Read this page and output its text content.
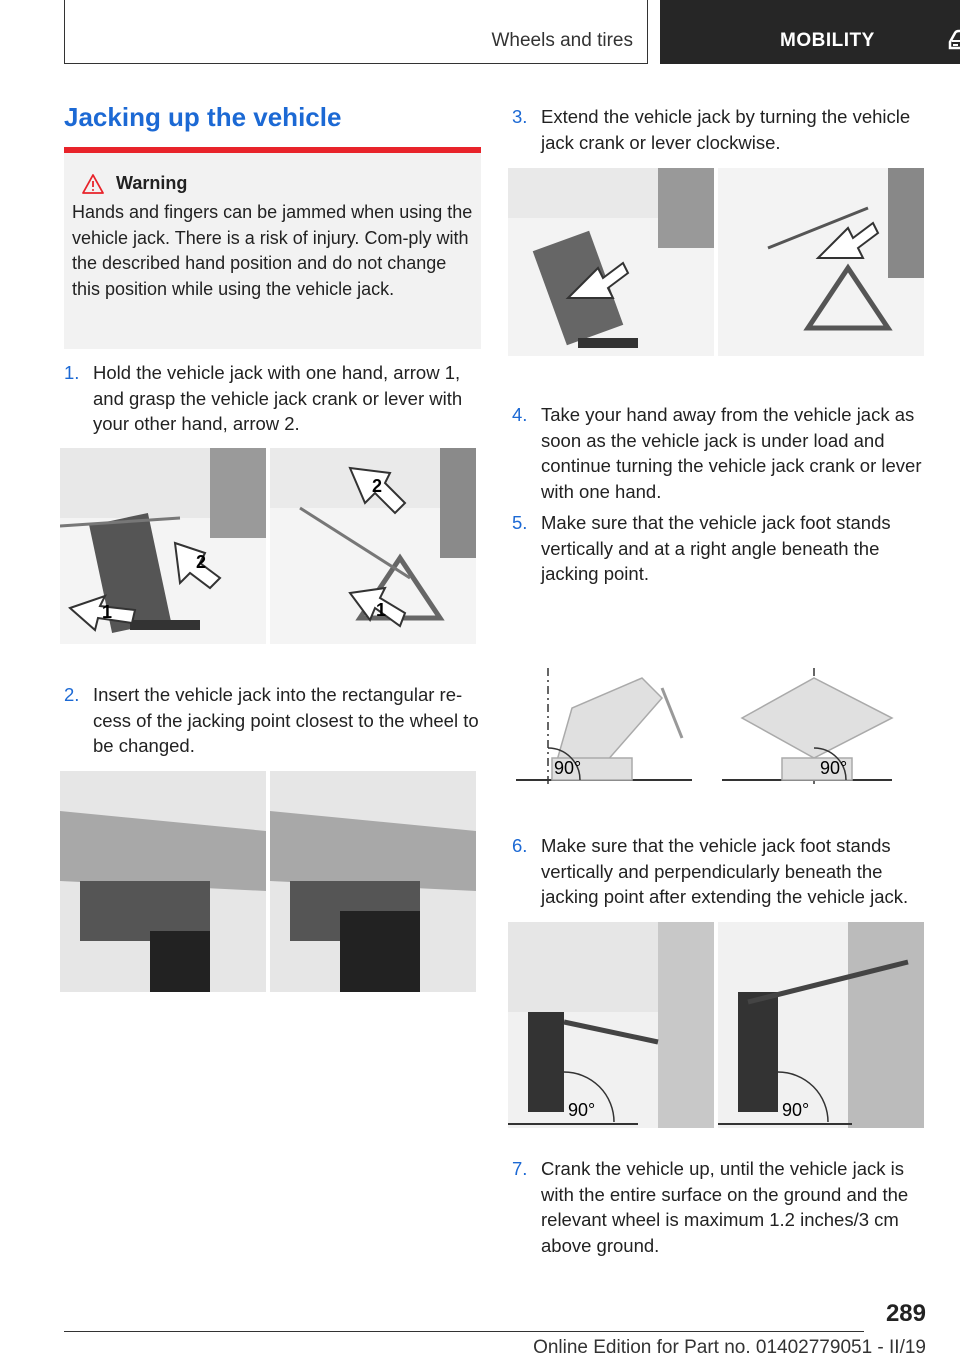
Wheels and tires	MOBILITY
Jacking up the vehicle
Warning
Hands and fingers can be jammed when using the vehicle jack. There is a risk of injury. Com‐ply with the described hand position and do not change this position while using the vehicle jack.
1. Hold the vehicle jack with one hand, arrow 1, and grasp the vehicle jack crank or lever with your other hand, arrow 2.
2
1
2
1
2. Insert the vehicle jack into the rectangular re‐cess of the jacking point closest to the wheel to be changed.
3. Extend the vehicle jack by turning the vehicle jack crank or lever clockwise.
4. Take your hand away from the vehicle jack as soon as the vehicle jack is under load and continue turning the vehicle jack crank or lever with one hand.
5. Make sure that the vehicle jack foot stands vertically and at a right angle beneath the jacking point.
90°	90°
6. Make sure that the vehicle jack foot stands vertically and perpendicularly beneath the jacking point after extending the vehicle jack.
90°	90°
7. Crank the vehicle up, until the vehicle jack is with the entire surface on the ground and the relevant wheel is maximum 1.2 inches/3 cm above ground.
289
Online Edition for Part no. 01402779051 - II/19
